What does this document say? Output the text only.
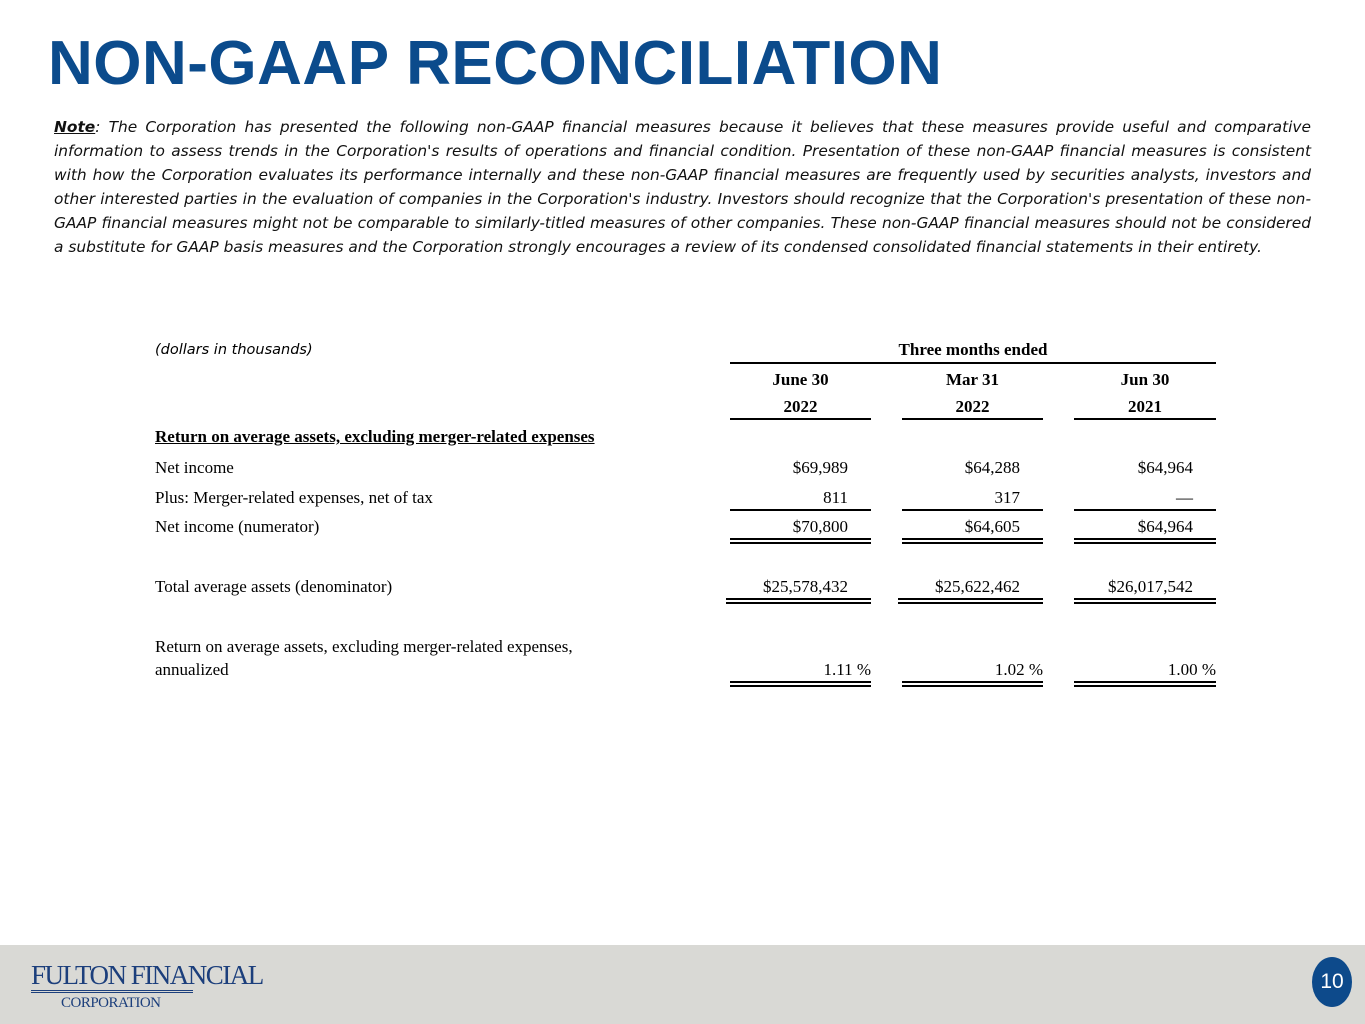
NON-GAAP RECONCILIATION

Note: The Corporation has presented the following non-GAAP financial measures because it believes that these measures provide useful and comparative information to assess trends in the Corporation's results of operations and financial condition. Presentation of these non-GAAP financial measures is consistent with how the Corporation evaluates its performance internally and these non-GAAP financial measures are frequently used by securities analysts, investors and other interested parties in the evaluation of companies in the Corporation's industry. Investors should recognize that the Corporation's presentation of these non-GAAP financial measures might not be comparable to similarly-titled measures of other companies. These non-GAAP financial measures should not be considered a substitute for GAAP basis measures and the Corporation strongly encourages a review of its condensed consolidated financial statements in their entirety.

(dollars in thousands)	Three months ended
June 30	Mar 31	Jun 30
2022	2022	2021
Return on average assets, excluding merger-related expenses
Net income	$69,989	$64,288	$64,964
Plus: Merger-related expenses, net of tax	811	317	—
Net income (numerator)	$70,800	$64,605	$64,964
Total average assets (denominator)	$25,578,432	$25,622,462	$26,017,542
Return on average assets, excluding merger-related expenses,
annualized	1.11 %	1.02 %	1.00 %
FULTON FINANCIAL
CORPORATION
10
